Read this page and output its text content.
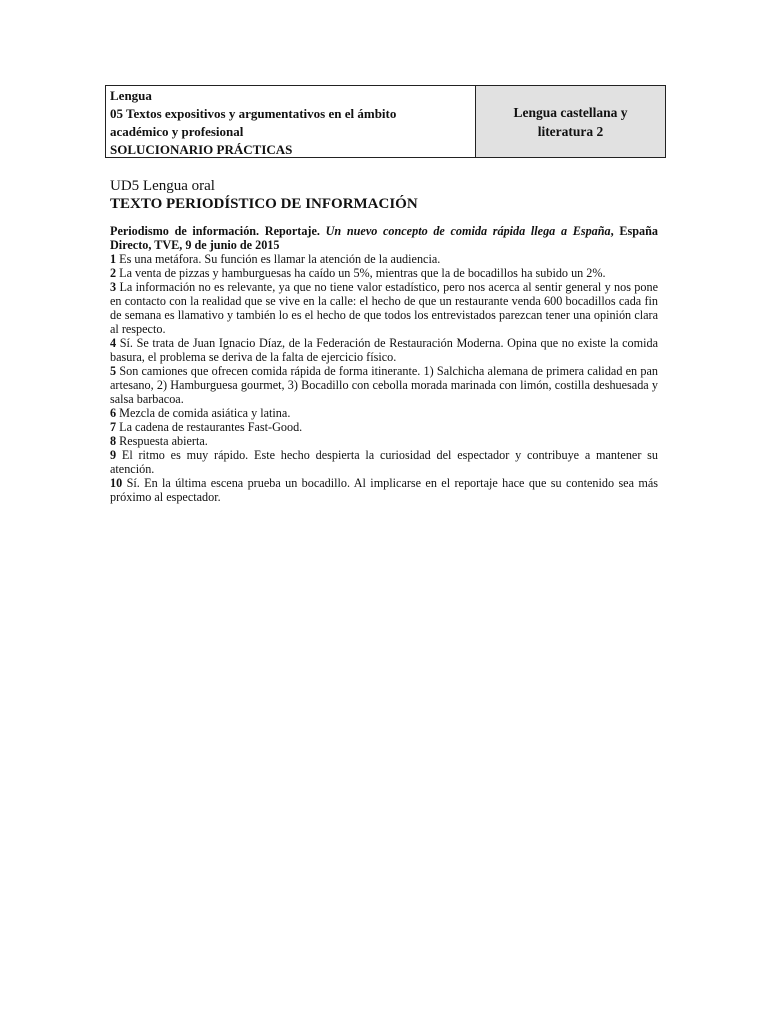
Lengua
05 Textos expositivos y argumentativos en el ámbito
académico y profesional
SOLUCIONARIO PRÁCTICAS
Lengua castellana y
literatura 2
UD5 Lengua oral
TEXTO PERIODÍSTICO DE INFORMACIÓN
Periodismo de información. Reportaje. Un nuevo concepto de comida rápida llega a España, España Directo, TVE, 9 de junio de 2015
1 Es una metáfora. Su función es llamar la atención de la audiencia.
2 La venta de pizzas y hamburguesas ha caído un 5%, mientras que la de bocadillos ha subido un 2%.
3 La información no es relevante, ya que no tiene valor estadístico, pero nos acerca al sentir general y nos pone en contacto con la realidad que se vive en la calle: el hecho de que un restaurante venda 600 bocadillos cada fin de semana es llamativo y también lo es el hecho de que todos los entrevistados parezcan tener una opinión clara al respecto.
4 Sí. Se trata de Juan Ignacio Díaz, de la Federación de Restauración Moderna. Opina que no existe la comida basura, el problema se deriva de la falta de ejercicio físico.
5 Son camiones que ofrecen comida rápida de forma itinerante. 1) Salchicha alemana de primera calidad en pan artesano, 2) Hamburguesa gourmet, 3) Bocadillo con cebolla morada marinada con limón, costilla deshuesada y salsa barbacoa.
6 Mezcla de comida asiática y latina.
7 La cadena de restaurantes Fast-Good.
8 Respuesta abierta.
9 El ritmo es muy rápido. Este hecho despierta la curiosidad del espectador y contribuye a mantener su atención.
10 Sí. En la última escena prueba un bocadillo. Al implicarse en el reportaje hace que su contenido sea más próximo al espectador.
